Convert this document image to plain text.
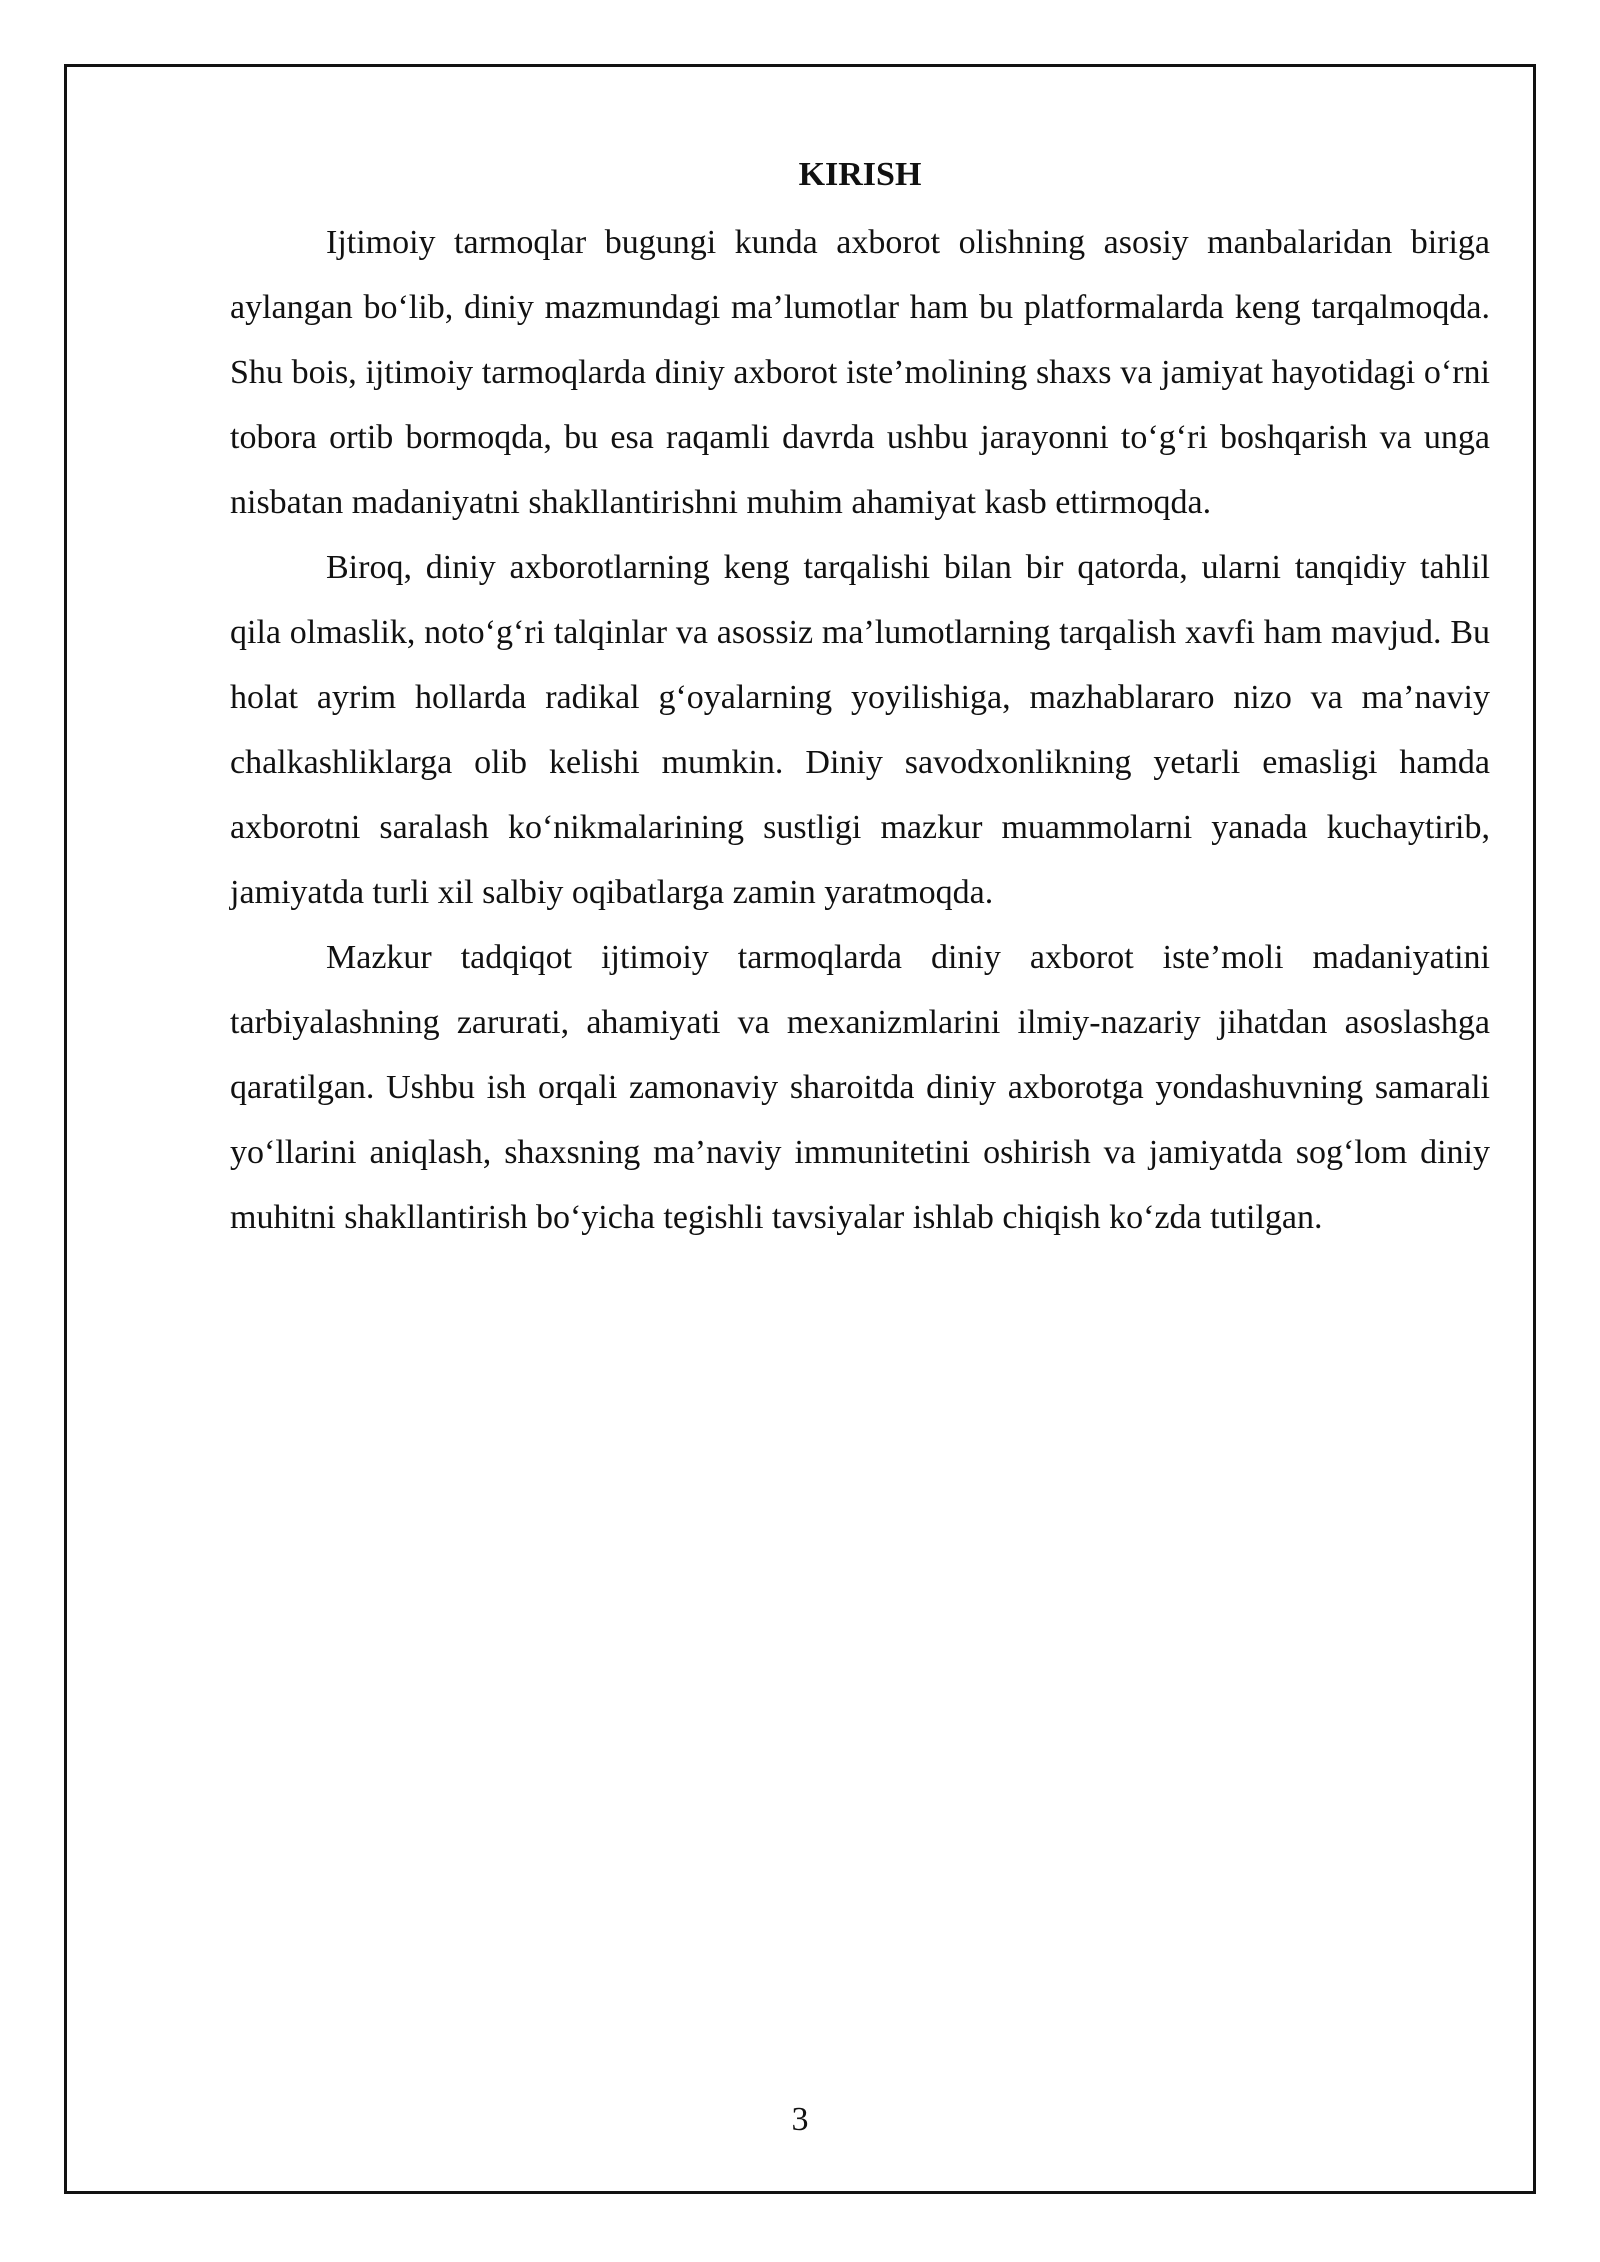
KIRISH

Ijtimoiy tarmoqlar bugungi kunda axborot olishning asosiy manbalaridan biriga aylangan bo‘lib, diniy mazmundagi ma’lumotlar ham bu platformalarda keng tarqalmoqda. Shu bois, ijtimoiy tarmoqlarda diniy axborot iste’molining shaxs va jamiyat hayotidagi o‘rni tobora ortib bormoqda, bu esa raqamli davrda ushbu jarayonni to‘g‘ri boshqarish va unga nisbatan madaniyatni shakllantirishni muhim ahamiyat kasb ettirmoqda.

Biroq, diniy axborotlarning keng tarqalishi bilan bir qatorda, ularni tanqidiy tahlil qila olmaslik, noto‘g‘ri talqinlar va asossiz ma’lumotlarning tarqalish xavfi ham mavjud. Bu holat ayrim hollarda radikal g‘oyalarning yoyilishiga, mazhablararo nizo va ma’naviy chalkashliklarga olib kelishi mumkin. Diniy savodxonlikning yetarli emasligi hamda axborotni saralash ko‘nikmalarining sustligi mazkur muammolarni yanada kuchaytirib, jamiyatda turli xil salbiy oqibatlarga zamin yaratmoqda.

Mazkur tadqiqot ijtimoiy tarmoqlarda diniy axborot iste’moli madaniyatini tarbiyalashning zarurati, ahamiyati va mexanizmlarini ilmiy-nazariy jihatdan asoslashga qaratilgan. Ushbu ish orqali zamonaviy sharoitda diniy axborotga yondashuvning samarali yo‘llarini aniqlash, shaxsning ma’naviy immunitetini oshirish va jamiyatda sog‘lom diniy muhitni shakllantirish bo‘yicha tegishli tavsiyalar ishlab chiqish ko‘zda tutilgan.

3
